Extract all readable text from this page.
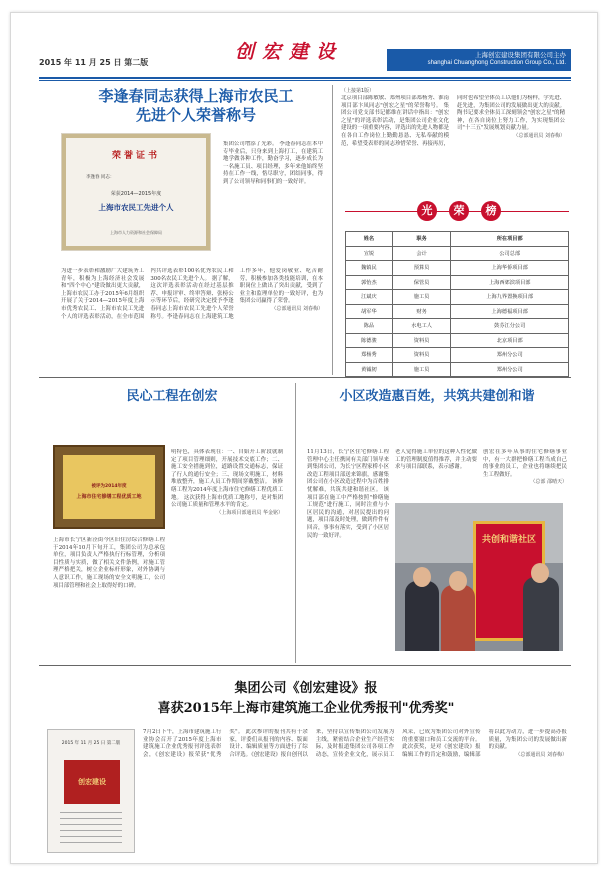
2015 年 11 月 25 日 第二版	创宏建设	上海创宏建设集团有限公司主办
shanghai Chuanghong Construction Group Co., Ltd.
李逢春同志获得上海市农民工
先进个人荣誉称号
荣誉证书
李逢春 同志：
荣获2014—2015年度
上海市农民工先进个人
上海市人力资源和社会保障局
集团公司增添了光彩。 李逢春同志在本中专毕业后，只身来到上海打工，在建筑工地学做各种工作，勤奋学习，逐步成长为一名施工员、项目经理，多年来他始终坚持在工作一线，恪尽职守，团结同事，得到了公司领导和同事们的一致好评。
为进一步表彰和激励广大建筑务工青年，积极为上海经济社会发展和"四个中心"建设做出更大贡献，上海市农民工办于2015年6月组织开展了关于2014—2015年度上海市优秀农民工、上海市农民工先进个人的评选表彰活动，在全市范围内共评选表彰100名优秀农民工和300名农民工先进个人。 据了解，这次评选表彰活动在经过基层推荐、申报评审、终审答辩、张榜公示等环节后，经研究决定授予李逢春同志上海市农民工先进个人荣誉称号。李逢春同志在上海建筑工地工作多年，他爱岗敬业、吃苦耐劳，积极参加各类技能培训，在本职岗位上做出了突出贡献，受到了业主和监理单位的一致好评，也为集团公司赢得了荣誉。
（总部通讯员 刘春梅）
（上接第1版）
北京项目部陈敏敏、郑州项目部郑杨秀、淮南项目部卞凤同志"创宏之星"的荣誉称号。 集团公司党支部书记都维在讲话中指出："创宏之星"的评选表彰活动，是集团公司企业文化建设的一项重要内容，评选出的先进人物都是在各自工作岗位上勤勤恳恳、无私奉献的模范，希望受表彰的同志珍惜荣誉、再接再厉，同时也希望全体员工以他们为榜样，学先进、赶先进，为集团公司的发展做出更大的贡献。 陶书记要求全体员工深刻领会"创宏之星"的精神，在各自岗位上努力工作，为实现集团公司"十三五"发展规划贡献力量。
（总部通讯员 刘春梅）
光	荣	榜
姓名	职务	所在项目部
宣锐	会计	公司总部
魏镇民	预算员	上海华侨项目部
郭怡杰	保管员	上海西郊滨项目部
江斌庆	施工员	上海九界置换项目部
胡军华	财务	上海德福项目部
陈品	水电工人	鼓芬江分公司
陈德骏	资料员	北京项目部
郑杨秀	资料员	郑州分公司
黄铖韧	施工员	郑州分公司
民心工程在创宏
被评为2014年度
上海市住宅修缮工程优质工地
上海市长宁区新泾街今区旧住房综合修缮工程于2014年10月下旬开工，集团公司为总承包单位，项目负责人严格执行行标管理，分析项目性质与实质，做了相关文件条例，对施工管理严格把关，树立企业标杆形象，对外协调与人意识工作，施工现场的安全文明施工，公司项目部管理和社会上取得好的口碑。
明特色，具体表现在：一、自始开工阶段就制定了项目管理细则，开展技术交底工作；二、施工安全措施到位，道路设置交通标志，保证了行人的通行安全；三、现场文明施工，材料堆放整齐，施工人员工作期间穿戴整洁。 该修缮工程为2014年度上海市住宅修缮工程优质工地。 这次获得上海市优质工地称号，是对集团公司施工质量和管理水平的肯定。
（上海项目部通讯员 华金铭）
小区改造惠百姓，共筑共建创和谐
11月13日，长宁区住宅修缮工程管理中心主任携同有关部门领导来到集团公司，为长宁区程家桥小区改造工程项目部送来锦旗，感谢集团公司在小区改造过程中为百姓排忧解难，共筑共建和谐社区。 该项目部在施工中严格按照"修缮施工规范"进行施工，同时注重与小区居民的沟通，对居民提出的问题，项目部及时处理，做到件件有回音，事事有落实，受到了小区居民的一致好评。
老人觉得施工单位的这种人性化做工的管理制度值得推荐，并主动要求与项目部联系，表示感谢。
创宏在多年从事的住宅修缮事业中，有一大群把修缮工程当成自己的事业的员工，企业也将继续把民生工程做好。
（总部 邵晴天）
共创和谐社区
集团公司《创宏建设》报
喜获2015年上海市建筑施工企业优秀报刊"优秀奖"
2015 年 11 月 25 日 第二版
创宏建设
7月2日下午，上海市建筑施工行业协会召开了2015年度上海市建筑施工企业优秀报刊评选表彰会，《创宏建设》报荣获"优秀奖"。 此次参评的报刊共有十余家，评委们从报刊的内容、版面设计、编辑质量等方面进行了综合评选。《创宏建设》报自创刊以来，坚持以宣传集团公司发展为主线，紧密结合企业生产经营实际，及时报道集团公司各项工作动态，宣传企业文化，展示员工风采，已成为集团公司对外宣传的重要窗口和员工交流的平台。 此次获奖，是对《创宏建设》报编辑工作的肯定和鼓励，编辑部将以此为动力，进一步提高办报质量，为集团公司的发展做出新的贡献。
（总部通讯员 刘春梅）
